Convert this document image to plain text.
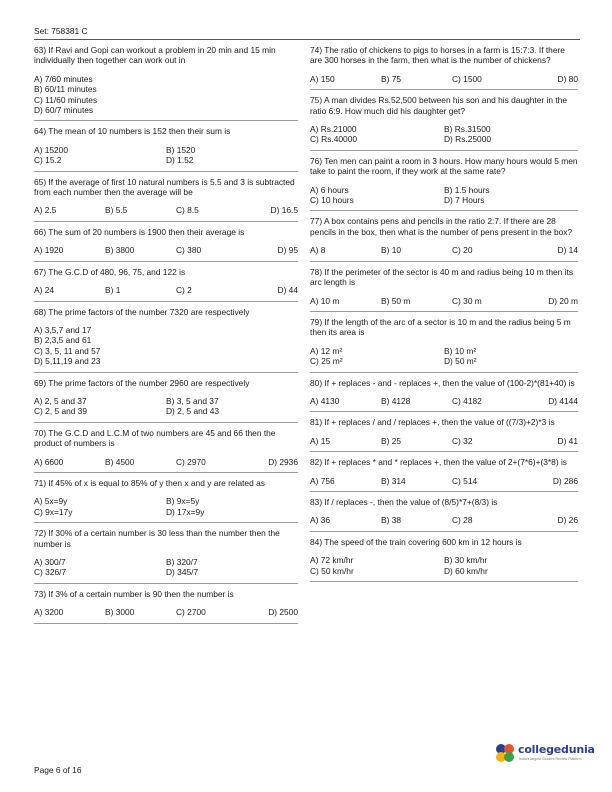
Set: 758381 C
63) If Ravi and Gopi can workout a problem in 20 min and 15 min individually then together can work out in
A) 7/60 minutes
B) 60/11 minutes
C) 11/60 minutes
D) 60/7 minutes
64) The mean of 10 numbers is 152 then their sum is
A) 15200	B) 1520
C) 15.2	D) 1.52
65) If the average of first 10 natural numbers is 5.5 and 3 is subtracted from each number then the average will be
A) 2.5	B) 5.5	C) 8.5	D) 16.5
66) The sum of 20 numbers is 1900 then their average is
A) 1920	B) 3800	C) 380	D) 95
67) The G.C.D of 480, 96, 75, and 122 is
A) 24	B) 1	C) 2	D) 44
68) The prime factors of the number 7320 are respectively
A) 3,5,7 and 17
B) 2,3,5 and 61
C) 3, 5, 11 and 57
D) 5,11,19 and 23
69) The prime factors of the number 2960 are respectively
A) 2, 5 and 37	B) 3, 5 and 37
C) 2, 5 and 39	D) 2, 5 and 43
70) The G.C.D and L.C.M of two numbers are 45 and 66 then the product of numbers is
A) 6600	B) 4500	C) 2970	D) 2936
71) If 45% of x is equal to 85% of y then x and y are related as
A) 5x=9y	B) 9x=5y
C) 9x=17y	D) 17x=9y
72) If 30% of a certain number is 30 less than the number then the number is
A) 300/7	B) 320/7
C) 326/7	D) 345/7
73) If 3% of a certain number is 90 then the number is
A) 3200	B) 3000	C) 2700	D) 2500
74) The ratio of chickens to pigs to horses in a farm is 15:7:3. If there are 300 horses in the farm, then what is the number of chickens?
A) 150	B) 75	C) 1500	D) 80
75) A man divides Rs.52,500 between his son and his daughter in the ratio 6:9. How much did his daughter get?
A) Rs.21000	B) Rs.31500
C) Rs.40000	D) Rs.25000
76) Ten men can paint a room in 3 hours. How many hours would 5 men take to paint the room, if they work at the same rate?
A) 6 hours	B) 1.5 hours
C) 10 hours	D) 7 Hours
77) A box contains pens and pencils in the ratio 2:7. If there are 28 pencils in the box, then what is the number of pens present in the box?
A) 8	B) 10	C) 20	D) 14
78) If the perimeter of the sector is 40 m and radius being 10 m then its arc length is
A) 10 m	B) 50 m	C) 30 m	D) 20 m
79) If the length of the arc of a sector is 10 m and the radius being 5 m then its area is
A) 12 m²	B) 10 m²
C) 25 m²	D) 50 m²
80) If + replaces - and - replaces +, then the value of (100-2)*(81+40) is
A) 4130	B) 4128	C) 4182	D) 4144
81) If + replaces / and / replaces +, then the value of ((7/3)+2)*3 is
A) 15	B) 25	C) 32	D) 41
82) If + replaces * and * replaces +, then the value of 2+(7*6)+(3*8) is
A) 756	B) 314	C) 514	D) 286
83) If / replaces -, then the value of (8/5)*7+(8/3) is
A) 36	B) 38	C) 28	D) 26
84) The speed of the train covering 600 km in 12 hours is
A) 72 km/hr	B) 30 km/hr
C) 50 km/hr	D) 60 km/hr
Page 6 of 16
collegedunia
India's largest Student Review Platform
